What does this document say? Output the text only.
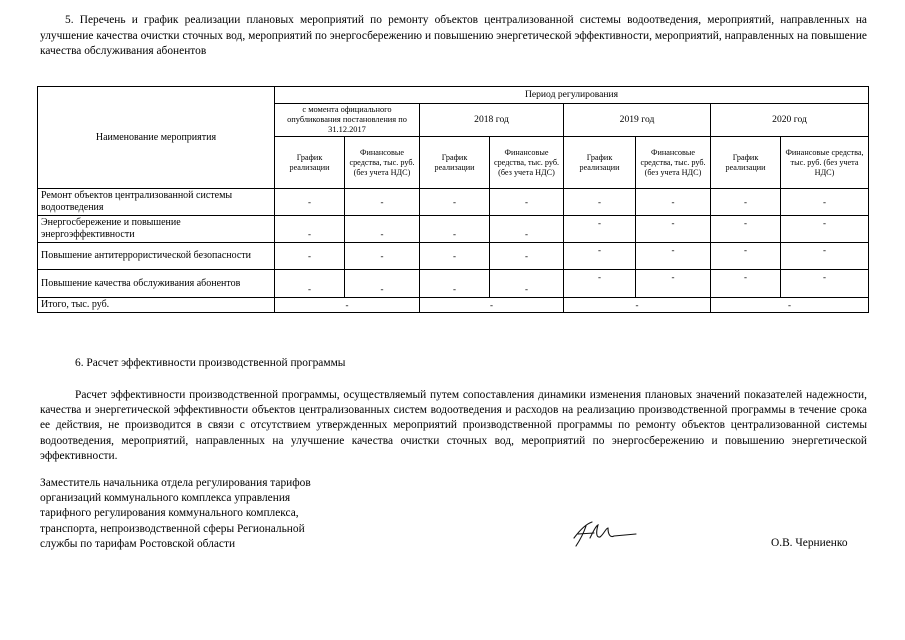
5. Перечень и график реализации плановых мероприятий по ремонту объектов централизованной системы водоотведения, мероприятий, направленных на улучшение качества очистки сточных вод, мероприятий по энергосбережению и повышению энергетической эффективности, мероприятий, направленных на повышение качества обслуживания абонентов
Наименование мероприятия	Период регулирования							
	с момента официального опубликования постановления по 31.12.2017		2018 год		2019 год		2020 год	
	График реализации	Финансовые средства, тыс. руб. (без учета НДС)	График реализации	Финансовые средства, тыс. руб. (без учета НДС)	График реализации	Финансовые средства, тыс. руб. (без учета НДС)	График реализации	Финансовые средства, тыс. руб. (без учета НДС)
Ремонт объектов централизованной системы водоотведения	-	-	-	-	-	-	-	-
Энергосбережение и повышение энергоэффективности	-	-	-	-	-	-	-	-
Повышение антитеррористической безопасности	-	-	-	-	-	-	-	-
Повышение качества обслуживания абонентов	-	-	-	-	-	-	-	-
Итого, тыс. руб.	-		-		-		-	
6. Расчет эффективности производственной программы
Расчет эффективности производственной программы, осуществляемый путем сопоставления динамики изменения плановых значений показателей надежности, качества и энергетической эффективности объектов централизованных систем водоотведения и расходов на реализацию производственной программы в течение срока ее действия, не производится в связи с отсутствием утвержденных мероприятий производственной программы по ремонту объектов централизованной системы водоотведения, мероприятий, направленных на улучшение качества очистки сточных вод, мероприятий по энергосбережению и повышению энергетической эффективности.
Заместитель начальника отдела регулирования тарифов
организаций коммунального комплекса управления
тарифного регулирования коммунального комплекса,
транспорта, непроизводственной сферы Региональной
службы по тарифам Ростовской области	О.В. Черниенко
